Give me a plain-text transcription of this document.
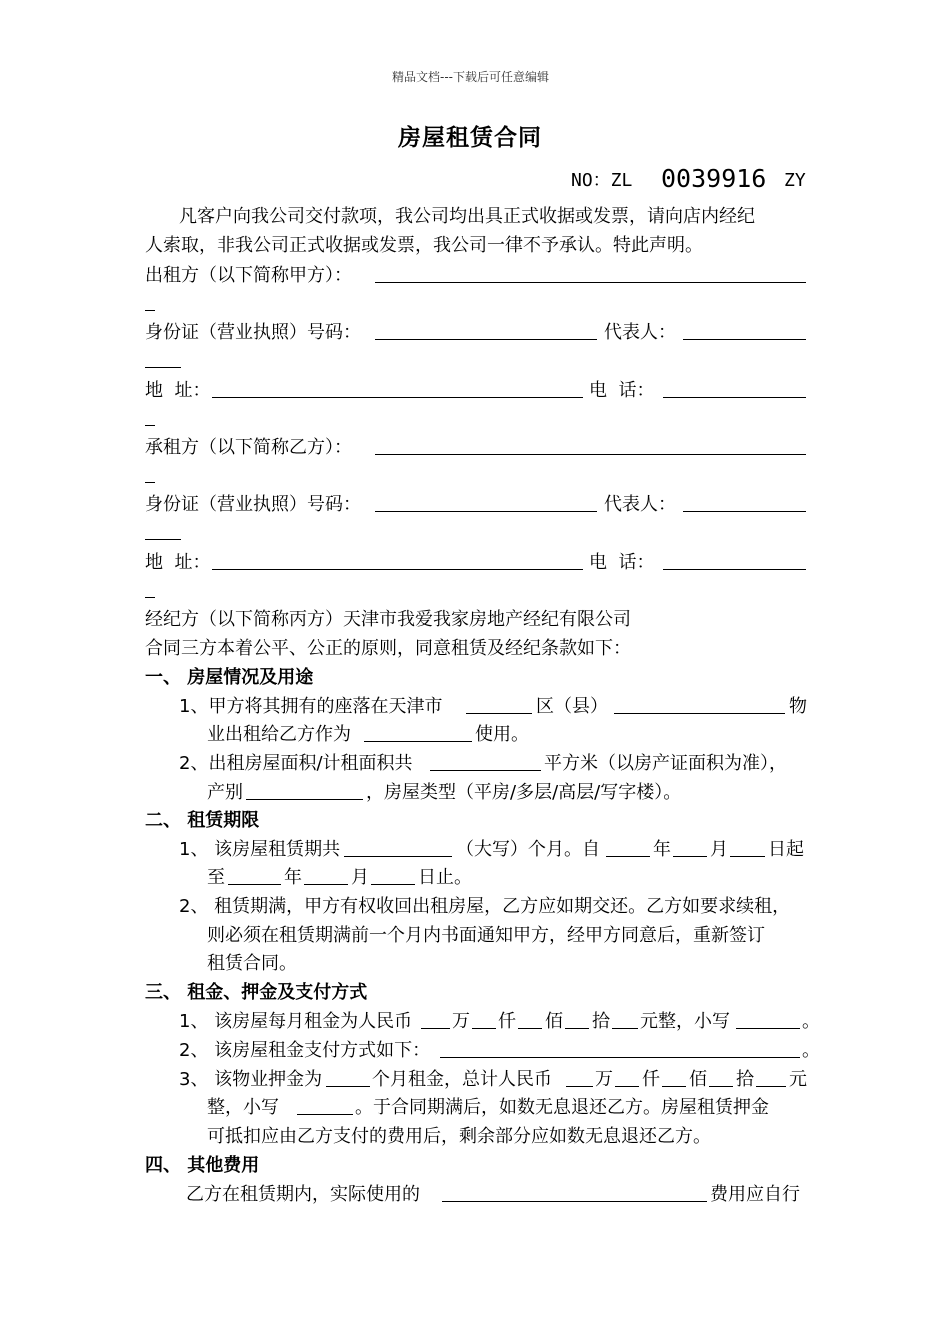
精品文档---下载后可任意编辑
房屋租赁合同
NO：ZL 0039916 ZY
凡客户向我公司交付款项，我公司均出具正式收据或发票，请向店内经纪
人索取，非我公司正式收据或发票，我公司一律不予承认。特此声明。
出租方（以下简称甲方）：
身份证（营业执照）号码：	代表人：
地  址：	电  话：
承租方（以下简称乙方）：
身份证（营业执照）号码：	代表人：
地  址：	电  话：
经纪方（以下简称丙方）天津市我爱我家房地产经纪有限公司
合同三方本着公平、公正的原则，同意租赁及经纪条款如下：
一、 房屋情况及用途
1、甲方将其拥有的座落在天津市	区（县）	物
业出租给乙方作为	使用。
2、出租房屋面积/计租面积共	平方米（以房产证面积为准），
产别	，房屋类型（平房/多层/高层/写字楼）。
二、 租赁期限
1、 该房屋租赁期共	（大写）个月。自	年 月 日起
至	年	月	日止。
2、 租赁期满，甲方有权收回出租房屋，乙方应如期交还。乙方如要求续租，
则必须在租赁期满前一个月内书面通知甲方，经甲方同意后，重新签订
租赁合同。
三、 租金、押金及支付方式
1、 该房屋每月租金为人民币 万 仟 佰 拾 元整，小写	。
2、 该房屋租金支付方式如下：	。
3、 该物业押金为	个月租金，总计人民币 万 仟 佰 拾 元
整，小写	。于合同期满后，如数无息退还乙方。房屋租赁押金
可抵扣应由乙方支付的费用后，剩余部分应如数无息退还乙方。
四、 其他费用
乙方在租赁期内，实际使用的	费用应自行
